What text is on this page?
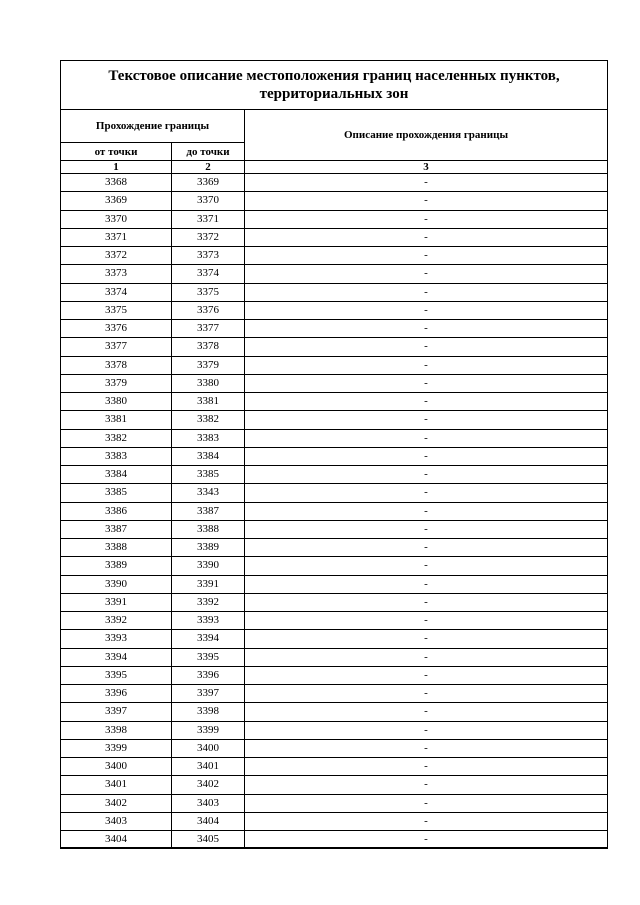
Текстовое описание местоположения границ населенных пунктов,
территориальных зон
Прохождение границы		Описание прохождения границы
от точки	до точки	
1	2	3
3368	3369	-
3369	3370	-
3370	3371	-
3371	3372	-
3372	3373	-
3373	3374	-
3374	3375	-
3375	3376	-
3376	3377	-
3377	3378	-
3378	3379	-
3379	3380	-
3380	3381	-
3381	3382	-
3382	3383	-
3383	3384	-
3384	3385	-
3385	3343	-
3386	3387	-
3387	3388	-
3388	3389	-
3389	3390	-
3390	3391	-
3391	3392	-
3392	3393	-
3393	3394	-
3394	3395	-
3395	3396	-
3396	3397	-
3397	3398	-
3398	3399	-
3399	3400	-
3400	3401	-
3401	3402	-
3402	3403	-
3403	3404	-
3404	3405	-
